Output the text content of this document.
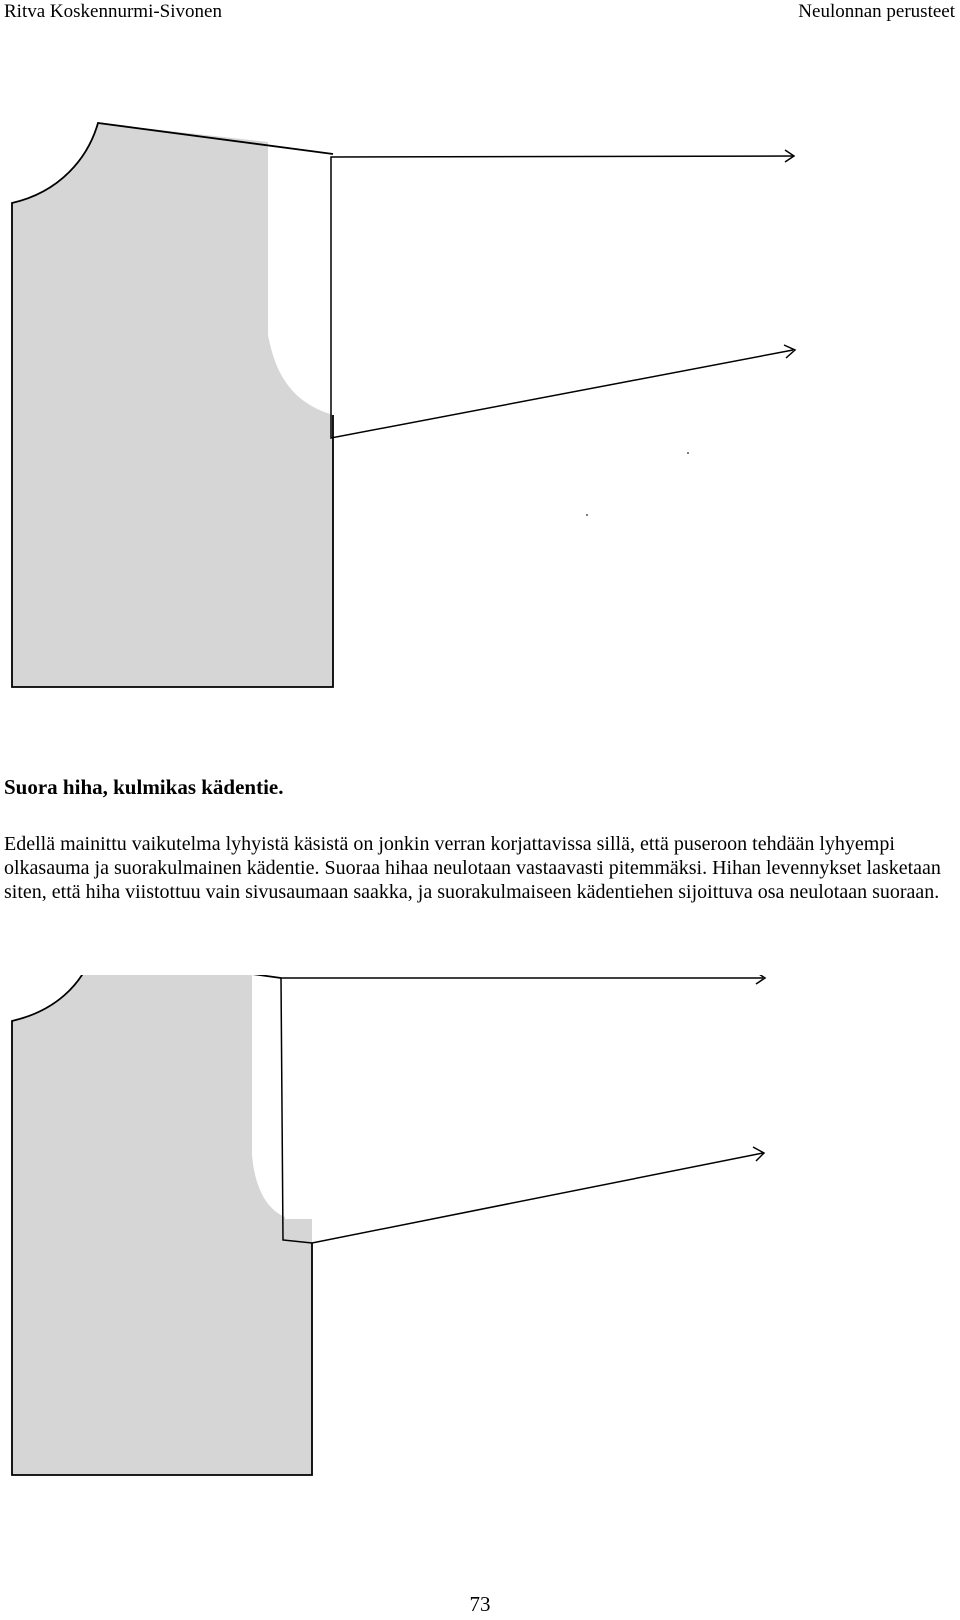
Ritva Koskennurmi-Sivonen	Neulonnan perusteet
Suora hiha, kulmikas kädentie.

Edellä mainittu vaikutelma lyhyistä käsistä on jonkin verran korjattavissa sillä, että puseroon tehdään lyhyempi olkasauma ja suorakulmainen kädentie. Suoraa hihaa neulotaan vastaavasti pitemmäksi. Hihan levennykset lasketaan siten, että hiha viistottuu vain sivusaumaan saakka, ja suorakulmaiseen kädentiehen sijoittuva osa neulotaan suoraan.

73
